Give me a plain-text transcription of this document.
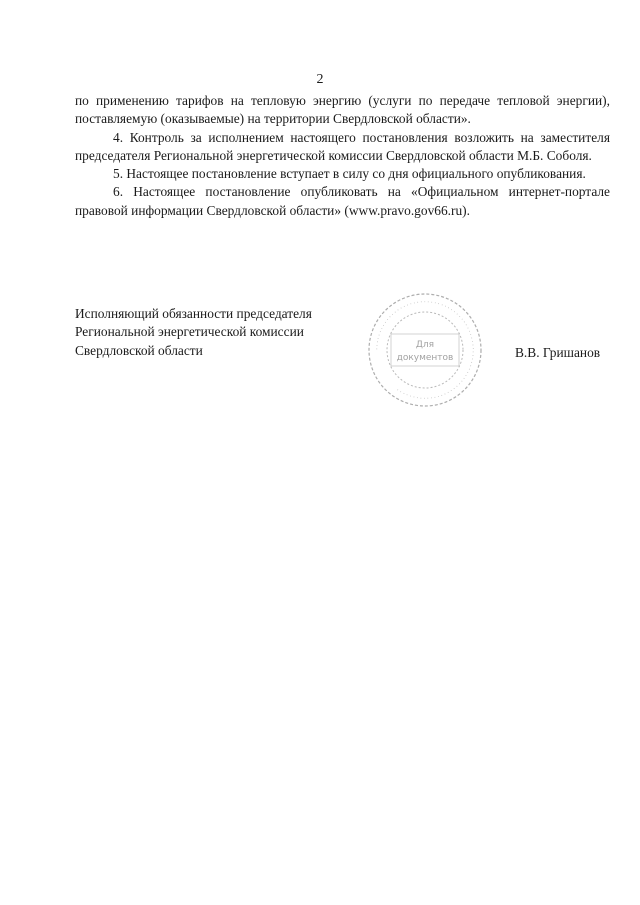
2

по применению тарифов на тепловую энергию (услуги по передаче тепловой энергии), поставляемую (оказываемые) на территории Свердловской области».

4. Контроль за исполнением настоящего постановления возложить на заместителя председателя Региональной энергетической комиссии Свердловской области М.Б. Соболя.

5. Настоящее постановление вступает в силу со дня официального опубликования.

6. Настоящее постановление опубликовать на «Официальном интернет-портале правовой информации Свердловской области» (www.pravo.gov66.ru).

Исполняющий обязанности председателя
Региональной энергетической комиссии
Свердловской области	·········································································
Для
документов	В.В. Гришанов
